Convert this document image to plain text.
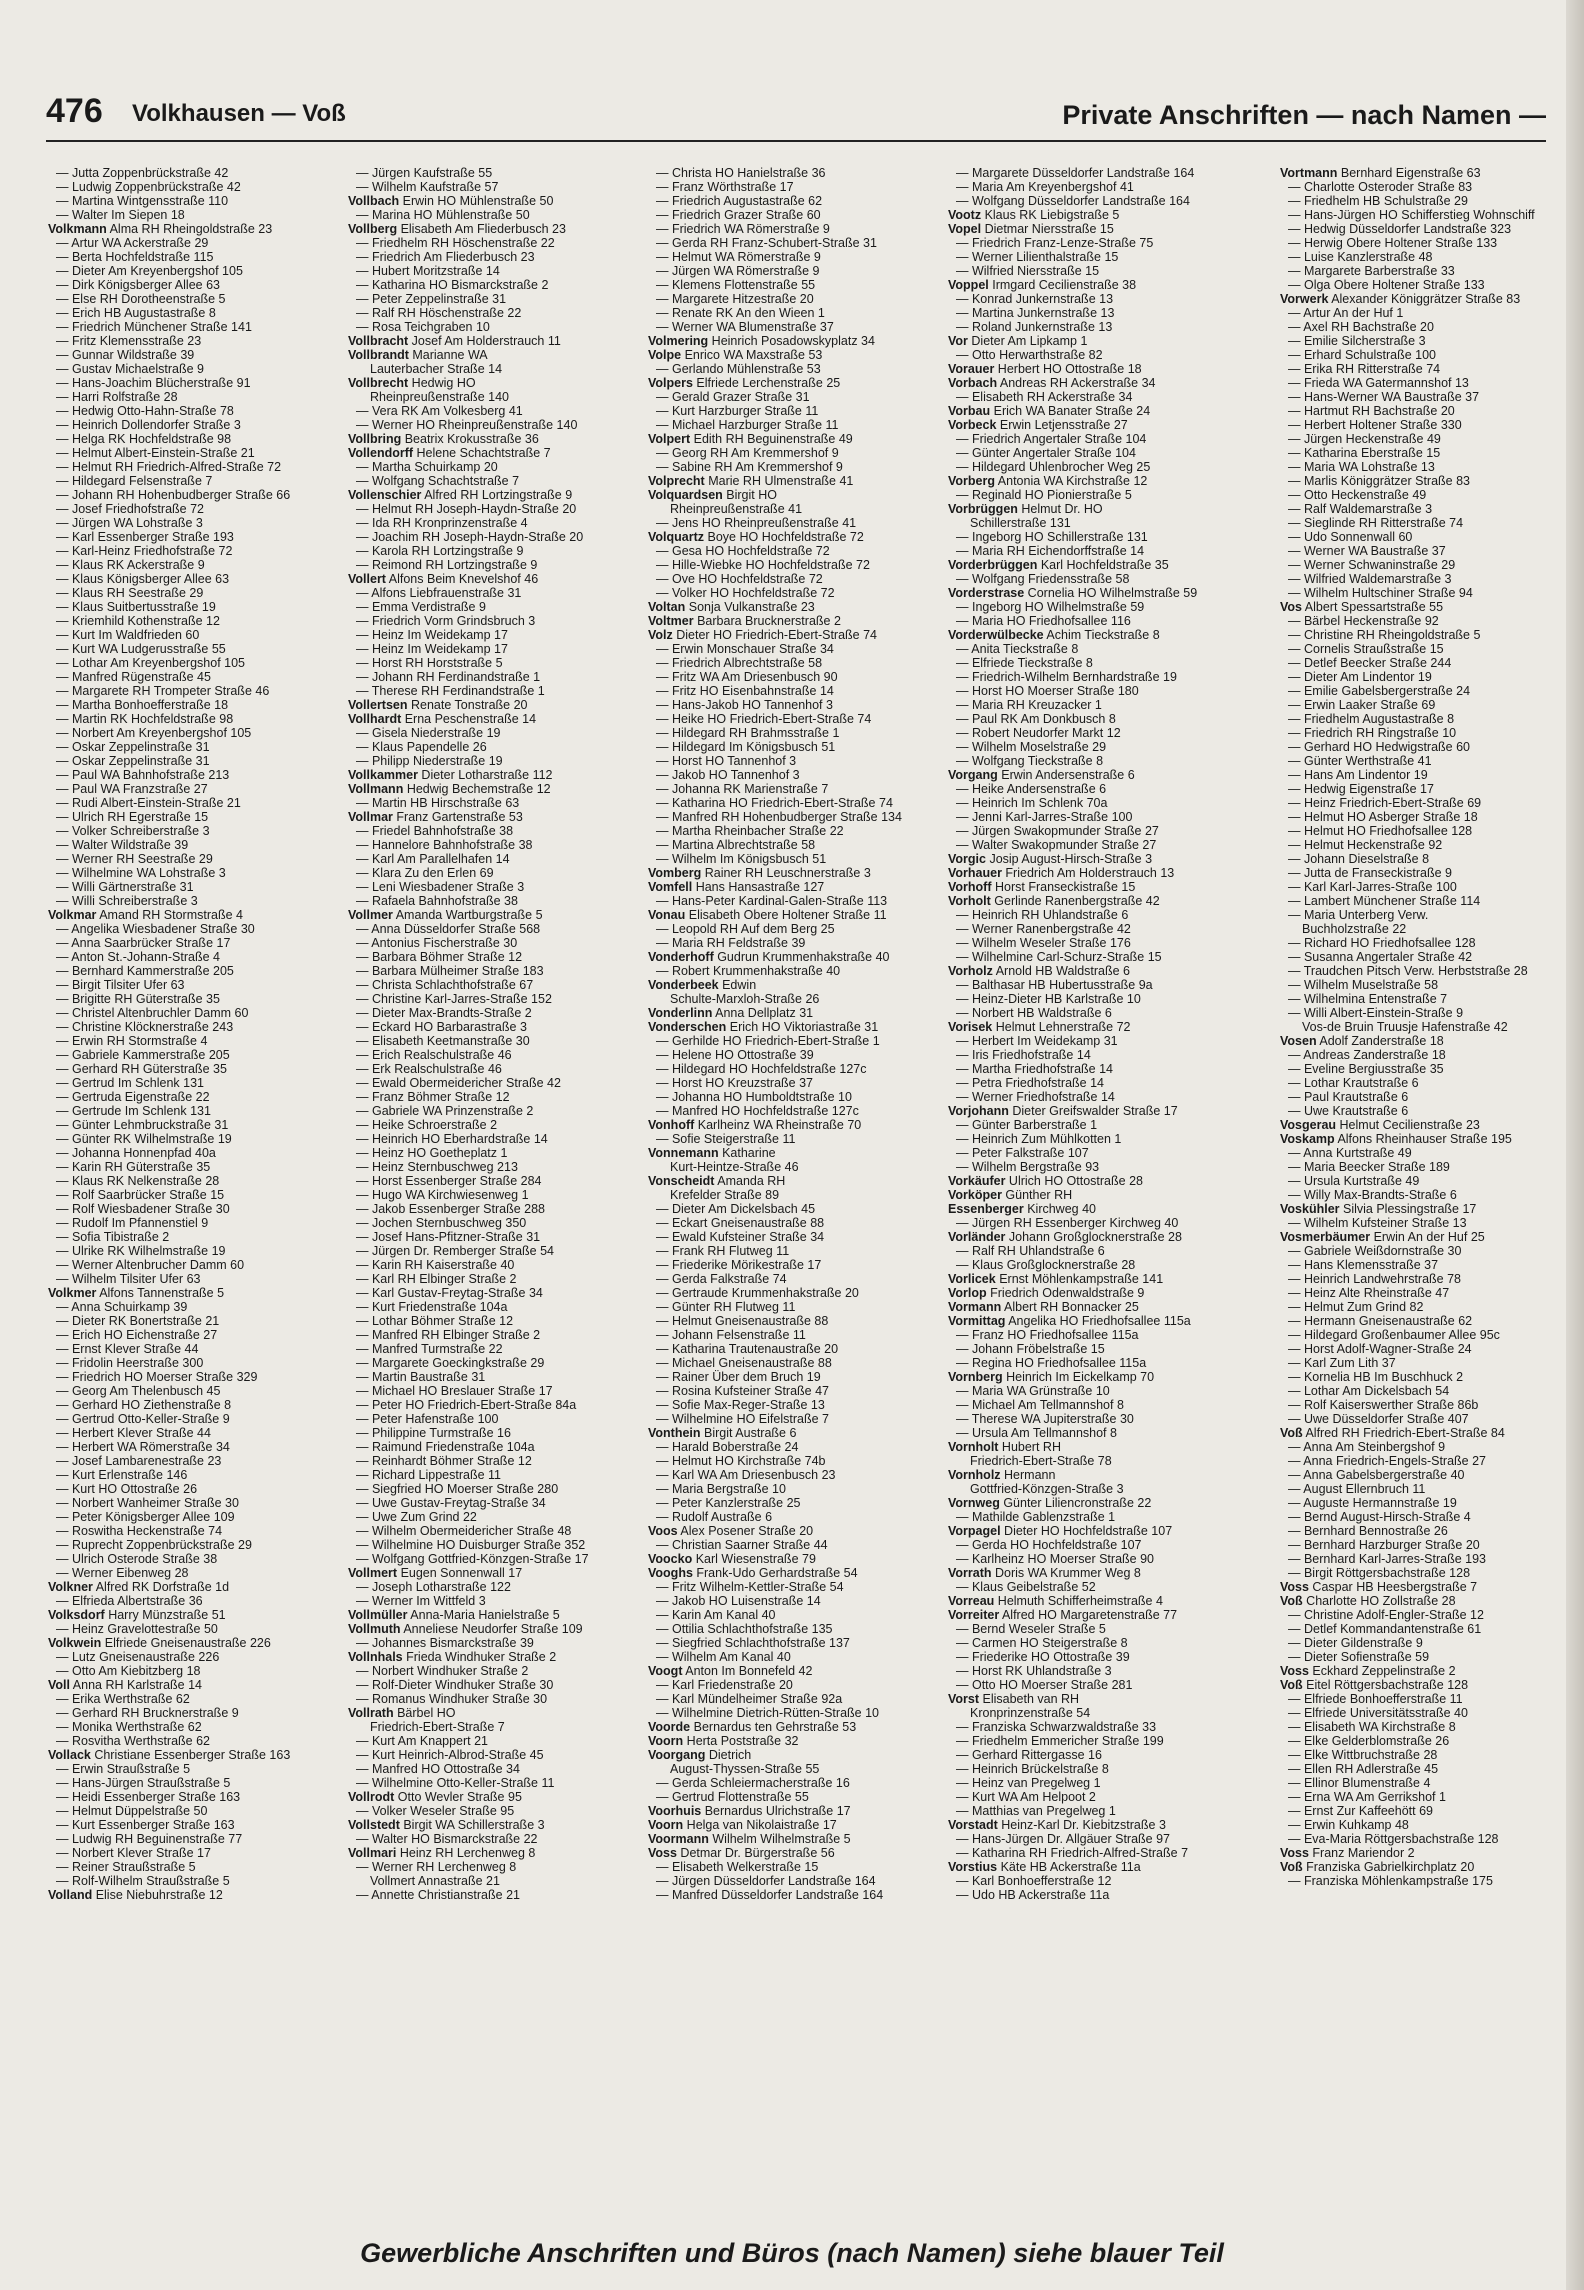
476 Volkhausen — Voß	Private Anschriften — nach Namen —
— Jutta Zoppenbrückstraße 42
— Ludwig Zoppenbrückstraße 42
— Martina Wintgensstraße 110
— Walter Im Siepen 18
Volkmann Alma RH Rheingoldstraße 23
— Artur WA Ackerstraße 29
— Berta Hochfeldstraße 115
— Dieter Am Kreyenbergshof 105
— Dirk Königsberger Allee 63
— Else RH Dorotheenstraße 5
— Erich HB Augustastraße 8
— Friedrich Münchener Straße 141
— Fritz Klemensstraße 23
— Gunnar Wildstraße 39
— Gustav Michaelstraße 9
— Hans-Joachim Blücherstraße 91
— Harri Rolfstraße 28
— Hedwig Otto-Hahn-Straße 78
— Heinrich Dollendorfer Straße 3
— Helga RK Hochfeldstraße 98
— Helmut Albert-Einstein-Straße 21
— Helmut RH Friedrich-Alfred-Straße 72
— Hildegard Felsenstraße 7
— Johann RH Hohenbudberger Straße 66
— Josef Friedhofstraße 72
— Jürgen WA Lohstraße 3
— Karl Essenberger Straße 193
— Karl-Heinz Friedhofstraße 72
— Klaus RK Ackerstraße 9
— Klaus Königsberger Allee 63
— Klaus RH Seestraße 29
— Klaus Suitbertusstraße 19
— Kriemhild Kothenstraße 12
— Kurt Im Waldfrieden 60
— Kurt WA Ludgerusstraße 55
— Lothar Am Kreyenbergshof 105
— Manfred Rügenstraße 45
— Margarete RH Trompeter Straße 46
— Martha Bonhoefferstraße 18
— Martin RK Hochfeldstraße 98
— Norbert Am Kreyenbergshof 105
— Oskar Zeppelinstraße 31
— Oskar Zeppelinstraße 31
— Paul WA Bahnhofstraße 213
— Paul WA Franzstraße 27
— Rudi Albert-Einstein-Straße 21
— Ulrich RH Egerstraße 15
— Volker Schreiberstraße 3
— Walter Wildstraße 39
— Werner RH Seestraße 29
— Wilhelmine WA Lohstraße 3
— Willi Gärtnerstraße 31
— Willi Schreiberstraße 3
Volkmar Amand RH Stormstraße 4
— Angelika Wiesbadener Straße 30
— Anna Saarbrücker Straße 17
— Anton St.-Johann-Straße 4
— Bernhard Kammerstraße 205
— Birgit Tilsiter Ufer 63
— Brigitte RH Güterstraße 35
— Christel Altenbruchler Damm 60
— Christine Klöcknerstraße 243
— Erwin RH Stormstraße 4
— Gabriele Kammerstraße 205
— Gerhard RH Güterstraße 35
— Gertrud Im Schlenk 131
— Gertruda Eigenstraße 22
— Gertrude Im Schlenk 131
— Günter Lehmbruckstraße 31
— Günter RK Wilhelmstraße 19
— Johanna Honnenpfad 40a
— Karin RH Güterstraße 35
— Klaus RK Nelkenstraße 28
— Rolf Saarbrücker Straße 15
— Rolf Wiesbadener Straße 30
— Rudolf Im Pfannenstiel 9
— Sofia Tibistraße 2
— Ulrike RK Wilhelmstraße 19
— Werner Altenbrucher Damm 60
— Wilhelm Tilsiter Ufer 63
Volkmer Alfons Tannenstraße 5
— Anna Schuirkamp 39
— Dieter RK Bonertstraße 21
— Erich HO Eichenstraße 27
— Ernst Klever Straße 44
— Fridolin Heerstraße 300
— Friedrich HO Moerser Straße 329
— Georg Am Thelenbusch 45
— Gerhard HO Ziethenstraße 8
— Gertrud Otto-Keller-Straße 9
— Herbert Klever Straße 44
— Herbert WA Römerstraße 34
— Josef Lambarenestraße 23
— Kurt Erlenstraße 146
— Kurt HO Ottostraße 26
— Norbert Wanheimer Straße 30
— Peter Königsberger Allee 109
— Roswitha Heckenstraße 74
— Ruprecht Zoppenbrückstraße 29
— Ulrich Osterode Straße 38
— Werner Eibenweg 28
Volkner Alfred RK Dorfstraße 1d
— Elfrieda Albertstraße 36
Volksdorf Harry Münzstraße 51
— Heinz Gravelottestraße 50
Volkwein Elfriede Gneisenaustraße 226
— Lutz Gneisenaustraße 226
— Otto Am Kiebitzberg 18
Voll Anna RH Karlstraße 14
— Erika Werthstraße 62
— Gerhard RH Brucknerstraße 9
— Monika Werthstraße 62
— Rosvitha Werthstraße 62
Vollack Christiane Essenberger Straße 163
— Erwin Straußstraße 5
— Hans-Jürgen Straußstraße 5
— Heidi Essenberger Straße 163
— Helmut Düppelstraße 50
— Kurt Essenberger Straße 163
— Ludwig RH Beguinenstraße 77
— Norbert Klever Straße 17
— Reiner Straußstraße 5
— Rolf-Wilhelm Straußstraße 5
Volland Elise Niebuhrstraße 12
— Jürgen Kaufstraße 55
— Wilhelm Kaufstraße 57
Vollbach Erwin HO Mühlenstraße 50
— Marina HO Mühlenstraße 50
Vollberg Elisabeth Am Fliederbusch 23
— Friedhelm RH Höschenstraße 22
— Friedrich Am Fliederbusch 23
— Hubert Moritzstraße 14
— Katharina HO Bismarckstraße 2
— Peter Zeppelinstraße 31
— Ralf RH Höschenstraße 22
— Rosa Teichgraben 10
Vollbracht Josef Am Holderstrauch 11
Vollbrandt Marianne WA
Lauterbacher Straße 14
Vollbrecht Hedwig HO
Rheinpreußenstraße 140
— Vera RK Am Volkesberg 41
— Werner HO Rheinpreußenstraße 140
Vollbring Beatrix Krokusstraße 36
Vollendorff Helene Schachtstraße 7
— Martha Schuirkamp 20
— Wolfgang Schachtstraße 7
Vollenschier Alfred RH Lortzingstraße 9
— Helmut RH Joseph-Haydn-Straße 20
— Ida RH Kronprinzenstraße 4
— Joachim RH Joseph-Haydn-Straße 20
— Karola RH Lortzingstraße 9
— Reimond RH Lortzingstraße 9
Vollert Alfons Beim Knevelshof 46
— Alfons Liebfrauenstraße 31
— Emma Verdistraße 9
— Friedrich Vorm Grindsbruch 3
— Heinz Im Weidekamp 17
— Heinz Im Weidekamp 17
— Horst RH Horststraße 5
— Johann RH Ferdinandstraße 1
— Therese RH Ferdinandstraße 1
Vollertsen Renate Tonstraße 20
Vollhardt Erna Peschenstraße 14
— Gisela Niederstraße 19
— Klaus Papendelle 26
— Philipp Niederstraße 19
Vollkammer Dieter Lotharstraße 112
Vollmann Hedwig Bechemstraße 12
— Martin HB Hirschstraße 63
Vollmar Franz Gartenstraße 53
— Friedel Bahnhofstraße 38
— Hannelore Bahnhofstraße 38
— Karl Am Parallelhafen 14
— Klara Zu den Erlen 69
— Leni Wiesbadener Straße 3
— Rafaela Bahnhofstraße 38
Vollmer Amanda Wartburgstraße 5
— Anna Düsseldorfer Straße 568
— Antonius Fischerstraße 30
— Barbara Böhmer Straße 12
— Barbara Mülheimer Straße 183
— Christa Schlachthofstraße 67
— Christine Karl-Jarres-Straße 152
— Dieter Max-Brandts-Straße 2
— Eckard HO Barbarastraße 3
— Elisabeth Keetmanstraße 30
— Erich Realschulstraße 46
— Erk Realschulstraße 46
— Ewald Obermeidericher Straße 42
— Franz Böhmer Straße 12
— Gabriele WA Prinzenstraße 2
— Heike Schroerstraße 2
— Heinrich HO Eberhardstraße 14
— Heinz HO Goetheplatz 1
— Heinz Sternbuschweg 213
— Horst Essenberger Straße 284
— Hugo WA Kirchwiesenweg 1
— Jakob Essenberger Straße 288
— Jochen Sternbuschweg 350
— Josef Hans-Pfitzner-Straße 31
— Jürgen Dr. Remberger Straße 54
— Karin RH Kaiserstraße 40
— Karl RH Elbinger Straße 2
— Karl Gustav-Freytag-Straße 34
— Kurt Friedenstraße 104a
— Lothar Böhmer Straße 12
— Manfred RH Elbinger Straße 2
— Manfred Turmstraße 22
— Margarete Goeckingkstraße 29
— Martin Baustraße 31
— Michael HO Breslauer Straße 17
— Peter HO Friedrich-Ebert-Straße 84a
— Peter Hafenstraße 100
— Philippine Turmstraße 16
— Raimund Friedenstraße 104a
— Reinhardt Böhmer Straße 12
— Richard Lippestraße 11
— Siegfried HO Moerser Straße 280
— Uwe Gustav-Freytag-Straße 34
— Uwe Zum Grind 22
— Wilhelm Obermeidericher Straße 48
— Wilhelmine HO Duisburger Straße 352
— Wolfgang Gottfried-Könzgen-Straße 17
Vollmert Eugen Sonnenwall 17
— Joseph Lotharstraße 122
— Werner Im Wittfeld 3
Vollmüller Anna-Maria Hanielstraße 5
Vollmuth Anneliese Neudorfer Straße 109
— Johannes Bismarckstraße 39
Vollnhals Frieda Windhuker Straße 2
— Norbert Windhuker Straße 2
— Rolf-Dieter Windhuker Straße 30
— Romanus Windhuker Straße 30
Vollrath Bärbel HO
Friedrich-Ebert-Straße 7
— Kurt Am Knappert 21
— Kurt Heinrich-Albrod-Straße 45
— Manfred HO Ottostraße 34
— Wilhelmine Otto-Keller-Straße 11
Vollrodt Otto Wevler Straße 95
— Volker Weseler Straße 95
Vollstedt Birgit WA Schillerstraße 3
— Walter HO Bismarckstraße 22
Vollmari Heinz RH Lerchenweg 8
— Werner RH Lerchenweg 8
Vollmert Annastraße 21
— Annette Christianstraße 21
— Christa HO Hanielstraße 36
— Franz Wörthstraße 17
— Friedrich Augustastraße 62
— Friedrich Grazer Straße 60
— Friedrich WA Römerstraße 9
— Gerda RH Franz-Schubert-Straße 31
— Helmut WA Römerstraße 9
— Jürgen WA Römerstraße 9
— Klemens Flottenstraße 55
— Margarete Hitzestraße 20
— Renate RK An den Wieen 1
— Werner WA Blumenstraße 37
Volmering Heinrich Posadowskyplatz 34
Volpe Enrico WA Maxstraße 53
— Gerlando Mühlenstraße 53
Volpers Elfriede Lerchenstraße 25
— Gerald Grazer Straße 31
— Kurt Harzburger Straße 11
— Michael Harzburger Straße 11
Volpert Edith RH Beguinenstraße 49
— Georg RH Am Kremmershof 9
— Sabine RH Am Kremmershof 9
Volprecht Marie RH Ulmenstraße 41
Volquardsen Birgit HO
Rheinpreußenstraße 41
— Jens HO Rheinpreußenstraße 41
Volquartz Boye HO Hochfeldstraße 72
— Gesa HO Hochfeldstraße 72
— Hille-Wiebke HO Hochfeldstraße 72
— Ove HO Hochfeldstraße 72
— Volker HO Hochfeldstraße 72
Voltan Sonja Vulkanstraße 23
Voltmer Barbara Brucknerstraße 2
Volz Dieter HO Friedrich-Ebert-Straße 74
— Erwin Monschauer Straße 34
— Friedrich Albrechtstraße 58
— Fritz WA Am Driesenbusch 90
— Fritz HO Eisenbahnstraße 14
— Hans-Jakob HO Tannenhof 3
— Heike HO Friedrich-Ebert-Straße 74
— Hildegard RH Brahmsstraße 1
— Hildegard Im Königsbusch 51
— Horst HO Tannenhof 3
— Jakob HO Tannenhof 3
— Johanna RK Marienstraße 7
— Katharina HO Friedrich-Ebert-Straße 74
— Manfred RH Hohenbudberger Straße 134
— Martha Rheinbacher Straße 22
— Martina Albrechtstraße 58
— Wilhelm Im Königsbusch 51
Vomberg Rainer RH Leuschnerstraße 3
Vomfell Hans Hansastraße 127
— Hans-Peter Kardinal-Galen-Straße 113
Vonau Elisabeth Obere Holtener Straße 11
— Leopold RH Auf dem Berg 25
— Maria RH Feldstraße 39
Vonderhoff Gudrun Krummenhakstraße 40
— Robert Krummenhakstraße 40
Vonderbeek Edwin
Schulte-Marxloh-Straße 26
Vonderlinn Anna Dellplatz 31
Vonderschen Erich HO Viktoriastraße 31
— Gerhilde HO Friedrich-Ebert-Straße 1
— Helene HO Ottostraße 39
— Hildegard HO Hochfeldstraße 127c
— Horst HO Kreuzstraße 37
— Johanna HO Humboldtstraße 10
— Manfred HO Hochfeldstraße 127c
Vonhoff Karlheinz WA Rheinstraße 70
— Sofie Steigerstraße 11
Vonnemann Katharine
Kurt-Heintze-Straße 46
Vonscheidt Amanda RH
Krefelder Straße 89
— Dieter Am Dickelsbach 45
— Eckart Gneisenaustraße 88
— Ewald Kufsteiner Straße 34
— Frank RH Flutweg 11
— Friederike Mörikestraße 17
— Gerda Falkstraße 74
— Gertraude Krummenhakstraße 20
— Günter RH Flutweg 11
— Helmut Gneisenaustraße 88
— Johann Felsenstraße 11
— Katharina Trautenaustraße 20
— Michael Gneisenaustraße 88
— Rainer Über dem Bruch 19
— Rosina Kufsteiner Straße 47
— Sofie Max-Reger-Straße 13
— Wilhelmine HO Eifelstraße 7
Vonthein Birgit Austraße 6
— Harald Boberstraße 24
— Helmut HO Kirchstraße 74b
— Karl WA Am Driesenbusch 23
— Maria Bergstraße 10
— Peter Kanzlerstraße 25
— Rudolf Austraße 6
Voos Alex Posener Straße 20
— Christian Saarner Straße 44
Voocko Karl Wiesenstraße 79
Vooghs Frank-Udo Gerhardstraße 54
— Fritz Wilhelm-Kettler-Straße 54
— Jakob HO Luisenstraße 14
— Karin Am Kanal 40
— Ottilia Schlachthofstraße 135
— Siegfried Schlachthofstraße 137
— Wilhelm Am Kanal 40
Voogt Anton Im Bonnefeld 42
— Karl Friedenstraße 20
— Karl Mündelheimer Straße 92a
— Wilhelmine Dietrich-Rütten-Straße 10
Voorde Bernardus ten Gehrstraße 53
Voorn Herta Poststraße 32
Voorgang Dietrich
August-Thyssen-Straße 55
— Gerda Schleiermacherstraße 16
— Gertrud Flottenstraße 55
Voorhuis Bernardus Ulrichstraße 17
Voorn Helga van Nikolaistraße 17
Voormann Wilhelm Wilhelmstraße 5
Voss Detmar Dr. Bürgerstraße 56
— Elisabeth Welkerstraße 15
— Jürgen Düsseldorfer Landstraße 164
— Manfred Düsseldorfer Landstraße 164
— Margarete Düsseldorfer Landstraße 164
— Maria Am Kreyenbergshof 41
— Wolfgang Düsseldorfer Landstraße 164
Vootz Klaus RK Liebigstraße 5
Vopel Dietmar Niersstraße 15
— Friedrich Franz-Lenze-Straße 75
— Werner Lilienthalstraße 15
— Wilfried Niersstraße 15
Voppel Irmgard Cecilienstraße 38
— Konrad Junkernstraße 13
— Martina Junkernstraße 13
— Roland Junkernstraße 13
Vor Dieter Am Lipkamp 1
— Otto Herwarthstraße 82
Vorauer Herbert HO Ottostraße 18
Vorbach Andreas RH Ackerstraße 34
— Elisabeth RH Ackerstraße 34
Vorbau Erich WA Banater Straße 24
Vorbeck Erwin Letjensstraße 27
— Friedrich Angertaler Straße 104
— Günter Angertaler Straße 104
— Hildegard Uhlenbrocher Weg 25
Vorberg Antonia WA Kirchstraße 12
— Reginald HO Pionierstraße 5
Vorbrüggen Helmut Dr. HO
Schillerstraße 131
— Ingeborg HO Schillerstraße 131
— Maria RH Eichendorffstraße 14
Vorderbrüggen Karl Hochfeldstraße 35
— Wolfgang Friedensstraße 58
Vorderstrase Cornelia HO Wilhelmstraße 59
— Ingeborg HO Wilhelmstraße 59
— Maria HO Friedhofsallee 116
Vorderwülbecke Achim Tieckstraße 8
— Anita Tieckstraße 8
— Elfriede Tieckstraße 8
— Friedrich-Wilhelm Bernhardstraße 19
— Horst HO Moerser Straße 180
— Maria RH Kreuzacker 1
— Paul RK Am Donkbusch 8
— Robert Neudorfer Markt 12
— Wilhelm Moselstraße 29
— Wolfgang Tieckstraße 8
Vorgang Erwin Andersenstraße 6
— Heike Andersenstraße 6
— Heinrich Im Schlenk 70a
— Jenni Karl-Jarres-Straße 100
— Jürgen Swakopmunder Straße 27
— Walter Swakopmunder Straße 27
Vorgic Josip August-Hirsch-Straße 3
Vorhauer Friedrich Am Holderstrauch 13
Vorhoff Horst Franseckistraße 15
Vorholt Gerlinde Ranenbergstraße 42
— Heinrich RH Uhlandstraße 6
— Werner Ranenbergstraße 42
— Wilhelm Weseler Straße 176
— Wilhelmine Carl-Schurz-Straße 15
Vorholz Arnold HB Waldstraße 6
— Balthasar HB Hubertusstraße 9a
— Heinz-Dieter HB Karlstraße 10
— Norbert HB Waldstraße 6
Vorisek Helmut Lehnerstraße 72
— Herbert Im Weidekamp 31
— Iris Friedhofstraße 14
— Martha Friedhofstraße 14
— Petra Friedhofstraße 14
— Werner Friedhofstraße 14
Vorjohann Dieter Greifswalder Straße 17
— Günter Barberstraße 1
— Heinrich Zum Mühlkotten 1
— Peter Falkstraße 107
— Wilhelm Bergstraße 93
Vorkäufer Ulrich HO Ottostraße 28
Vorköper Günther RH
Essenberger Kirchweg 40
— Jürgen RH Essenberger Kirchweg 40
Vorländer Johann Großglocknerstraße 28
— Ralf RH Uhlandstraße 6
— Klaus Großglocknerstraße 28
Vorlicek Ernst Möhlenkampstraße 141
Vorlop Friedrich Odenwaldstraße 9
Vormann Albert RH Bonnacker 25
Vormittag Angelika HO Friedhofsallee 115a
— Franz HO Friedhofsallee 115a
— Johann Fröbelstraße 15
— Regina HO Friedhofsallee 115a
Vornberg Heinrich Im Eickelkamp 70
— Maria WA Grünstraße 10
— Michael Am Tellmannshof 8
— Therese WA Jupiterstraße 30
— Ursula Am Tellmannshof 8
Vornholt Hubert RH
Friedrich-Ebert-Straße 78
Vornholz Hermann
Gottfried-Könzgen-Straße 3
Vornweg Günter Liliencronstraße 22
— Mathilde Gablenzstraße 1
Vorpagel Dieter HO Hochfeldstraße 107
— Gerda HO Hochfeldstraße 107
— Karlheinz HO Moerser Straße 90
Vorrath Doris WA Krummer Weg 8
— Klaus Geibelstraße 52
Vorreau Helmuth Schifferheimstraße 4
Vorreiter Alfred HO Margaretenstraße 77
— Bernd Weseler Straße 5
— Carmen HO Steigerstraße 8
— Friederike HO Ottostraße 39
— Horst RK Uhlandstraße 3
— Otto HO Moerser Straße 281
Vorst Elisabeth van RH
Kronprinzenstraße 54
— Franziska Schwarzwaldstraße 33
— Friedhelm Emmericher Straße 199
— Gerhard Rittergasse 16
— Heinrich Brückelstraße 8
— Heinz van Pregelweg 1
— Kurt WA Am Helpoot 2
— Matthias van Pregelweg 1
Vorstadt Heinz-Karl Dr. Kiebitzstraße 3
— Hans-Jürgen Dr. Allgäuer Straße 97
— Katharina RH Friedrich-Alfred-Straße 7
Vorstius Käte HB Ackerstraße 11a
— Karl Bonhoefferstraße 12
— Udo HB Ackerstraße 11a
Vortmann Bernhard Eigenstraße 63
— Charlotte Osteroder Straße 83
— Friedhelm HB Schulstraße 29
— Hans-Jürgen HO Schifferstieg Wohnschiff
— Hedwig Düsseldorfer Landstraße 323
— Herwig Obere Holtener Straße 133
— Luise Kanzlerstraße 48
— Margarete Barberstraße 33
— Olga Obere Holtener Straße 133
Vorwerk Alexander Königgrätzer Straße 83
— Artur An der Huf 1
— Axel RH Bachstraße 20
— Emilie Silcherstraße 3
— Erhard Schulstraße 100
— Erika RH Ritterstraße 74
— Frieda WA Gatermannshof 13
— Hans-Werner WA Baustraße 37
— Hartmut RH Bachstraße 20
— Herbert Holtener Straße 330
— Jürgen Heckenstraße 49
— Katharina Eberstraße 15
— Maria WA Lohstraße 13
— Marlis Königgrätzer Straße 83
— Otto Heckenstraße 49
— Ralf Waldemarstraße 3
— Sieglinde RH Ritterstraße 74
— Udo Sonnenwall 60
— Werner WA Baustraße 37
— Werner Schwaninstraße 29
— Wilfried Waldemarstraße 3
— Wilhelm Hultschiner Straße 94
Vos Albert Spessartstraße 55
— Bärbel Heckenstraße 92
— Christine RH Rheingoldstraße 5
— Cornelis Straußstraße 15
— Detlef Beecker Straße 244
— Dieter Am Lindentor 19
— Emilie Gabelsbergerstraße 24
— Erwin Laaker Straße 69
— Friedhelm Augustastraße 8
— Friedrich RH Ringstraße 10
— Gerhard HO Hedwigstraße 60
— Günter Werthstraße 41
— Hans Am Lindentor 19
— Hedwig Eigenstraße 17
— Heinz Friedrich-Ebert-Straße 69
— Helmut HO Asberger Straße 18
— Helmut HO Friedhofsallee 128
— Helmut Heckenstraße 92
— Johann Dieselstraße 8
— Jutta de Franseckistraße 9
— Karl Karl-Jarres-Straße 100
— Lambert Münchener Straße 114
— Maria Unterberg Verw.
Buchholzstraße 22
— Richard HO Friedhofsallee 128
— Susanna Angertaler Straße 42
— Traudchen Pitsch Verw. Herbststraße 28
— Wilhelm Muselstraße 58
— Wilhelmina Entenstraße 7
— Willi Albert-Einstein-Straße 9
Vos-de Bruin Truusje Hafenstraße 42
Vosen Adolf Zanderstraße 18
— Andreas Zanderstraße 18
— Eveline Bergiusstraße 35
— Lothar Krautstraße 6
— Paul Krautstraße 6
— Uwe Krautstraße 6
Vosgerau Helmut Cecilienstraße 23
Voskamp Alfons Rheinhauser Straße 195
— Anna Kurtstraße 49
— Maria Beecker Straße 189
— Ursula Kurtstraße 49
— Willy Max-Brandts-Straße 6
Voskühler Silvia Plessingstraße 17
— Wilhelm Kufsteiner Straße 13
Vosmerbäumer Erwin An der Huf 25
— Gabriele Weißdornstraße 30
— Hans Klemensstraße 37
— Heinrich Landwehrstraße 78
— Heinz Alte Rheinstraße 47
— Helmut Zum Grind 82
— Hermann Gneisenaustraße 62
— Hildegard Großenbaumer Allee 95c
— Horst Adolf-Wagner-Straße 24
— Karl Zum Lith 37
— Kornelia HB Im Buschhuck 2
— Lothar Am Dickelsbach 54
— Rolf Kaiserswerther Straße 86b
— Uwe Düsseldorfer Straße 407
Voß Alfred RH Friedrich-Ebert-Straße 84
— Anna Am Steinbergshof 9
— Anna Friedrich-Engels-Straße 27
— Anna Gabelsbergerstraße 40
— August Ellernbruch 11
— Auguste Hermannstraße 19
— Bernd August-Hirsch-Straße 4
— Bernhard Bennostraße 26
— Bernhard Harzburger Straße 20
— Bernhard Karl-Jarres-Straße 193
— Birgit Röttgersbachstraße 128
Voss Caspar HB Heesbergstraße 7
Voß Charlotte HO Zollstraße 28
— Christine Adolf-Engler-Straße 12
— Detlef Kommandantenstraße 61
— Dieter Gildenstraße 9
— Dieter Sofienstraße 59
Voss Eckhard Zeppelinstraße 2
Voß Eitel Röttgersbachstraße 128
— Elfriede Bonhoefferstraße 11
— Elfriede Universitätsstraße 40
— Elisabeth WA Kirchstraße 8
— Elke Gelderblomstraße 26
— Elke Wittbruchstraße 28
— Ellen RH Adlerstraße 45
— Ellinor Blumenstraße 4
— Erna WA Am Gerrikshof 1
— Ernst Zur Kaffeehött 69
— Erwin Kuhkamp 48
— Eva-Maria Röttgersbachstraße 128
Voss Franz Mariendor 2
Voß Franziska Gabrielkirchplatz 20
— Franziska Möhlenkampstraße 175
Gewerbliche Anschriften und Büros (nach Namen) siehe blauer Teil
